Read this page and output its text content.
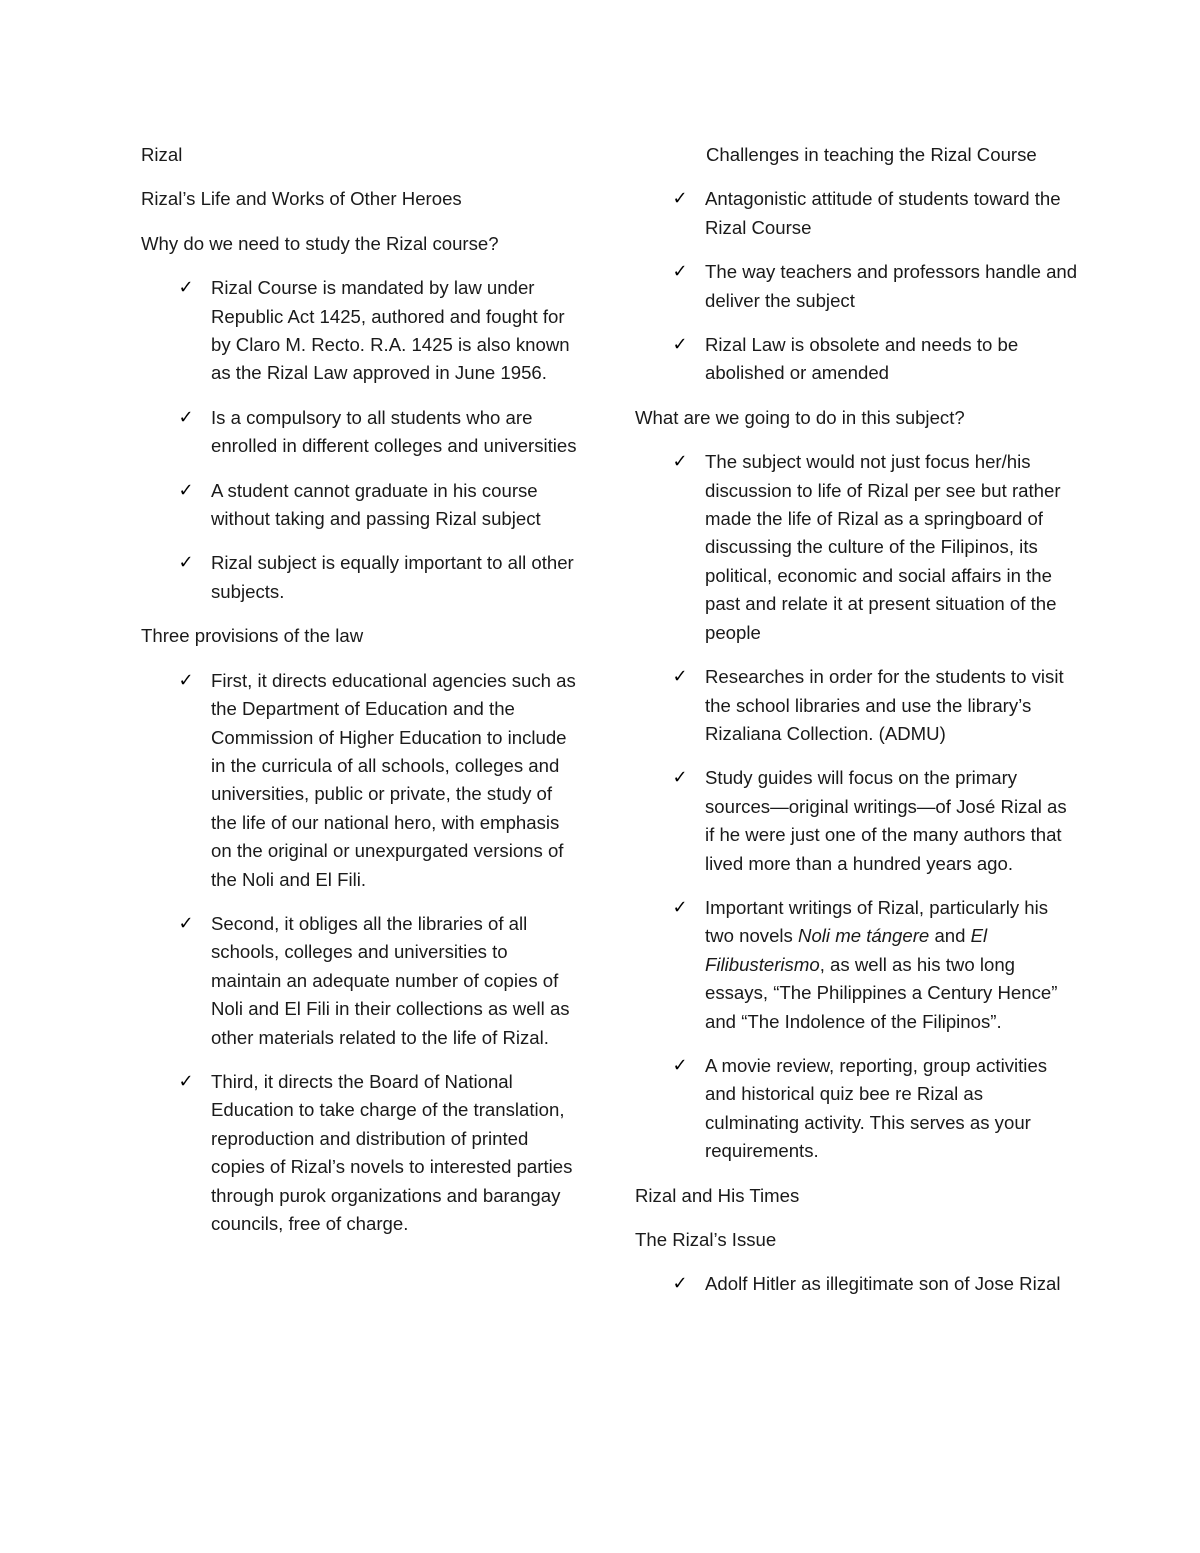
Rizal

Rizal’s Life and Works of Other Heroes

Why do we need to study the Rizal course?

✓ Rizal Course is mandated by law under Republic Act 1425, authored and fought for by Claro M. Recto. R.A. 1425 is also known as the Rizal Law approved in June 1956.
✓ Is a compulsory to all students who are enrolled in different colleges and universities
✓ A student cannot graduate in his course without taking and passing Rizal subject
✓ Rizal subject is equally important to all other subjects.

Three provisions of the law

✓ First, it directs educational agencies such as the Department of Education and the Commission of Higher Education to include in the curricula of all schools, colleges and universities, public or private, the study of the life of our national hero, with emphasis on the original or unexpurgated versions of the Noli and El Fili.
✓ Second, it obliges all the libraries of all schools, colleges and universities to maintain an adequate number of copies of Noli and El Fili in their collections as well as other materials related to the life of Rizal.
✓ Third, it directs the Board of National Education to take charge of the translation, reproduction and distribution of printed copies of Rizal’s novels to interested parties through purok organizations and barangay councils, free of charge.

Challenges in teaching the Rizal Course

✓ Antagonistic attitude of students toward the Rizal Course
✓ The way teachers and professors handle and deliver the subject
✓ Rizal Law is obsolete and needs to be abolished or amended

What are we going to do in this subject?

✓ The subject would not just focus her/his discussion to life of Rizal per see but rather made the life of Rizal as a springboard of discussing the culture of the Filipinos, its political, economic and social affairs in the past and relate it at present situation of the people
✓ Researches in order for the students to visit the school libraries and use the library’s Rizaliana Collection. (ADMU)
✓ Study guides will focus on the primary sources—original writings—of José Rizal as if he were just one of the many authors that lived more than a hundred years ago.
✓ Important writings of Rizal, particularly his two novels Noli me tángere and El Filibusterismo, as well as his two long essays, “The Philippines a Century Hence” and “The Indolence of the Filipinos”.
✓ A movie review, reporting, group activities and historical quiz bee re Rizal as culminating activity. This serves as your requirements.

Rizal and His Times

The Rizal’s Issue

✓ Adolf Hitler as illegitimate son of Jose Rizal
